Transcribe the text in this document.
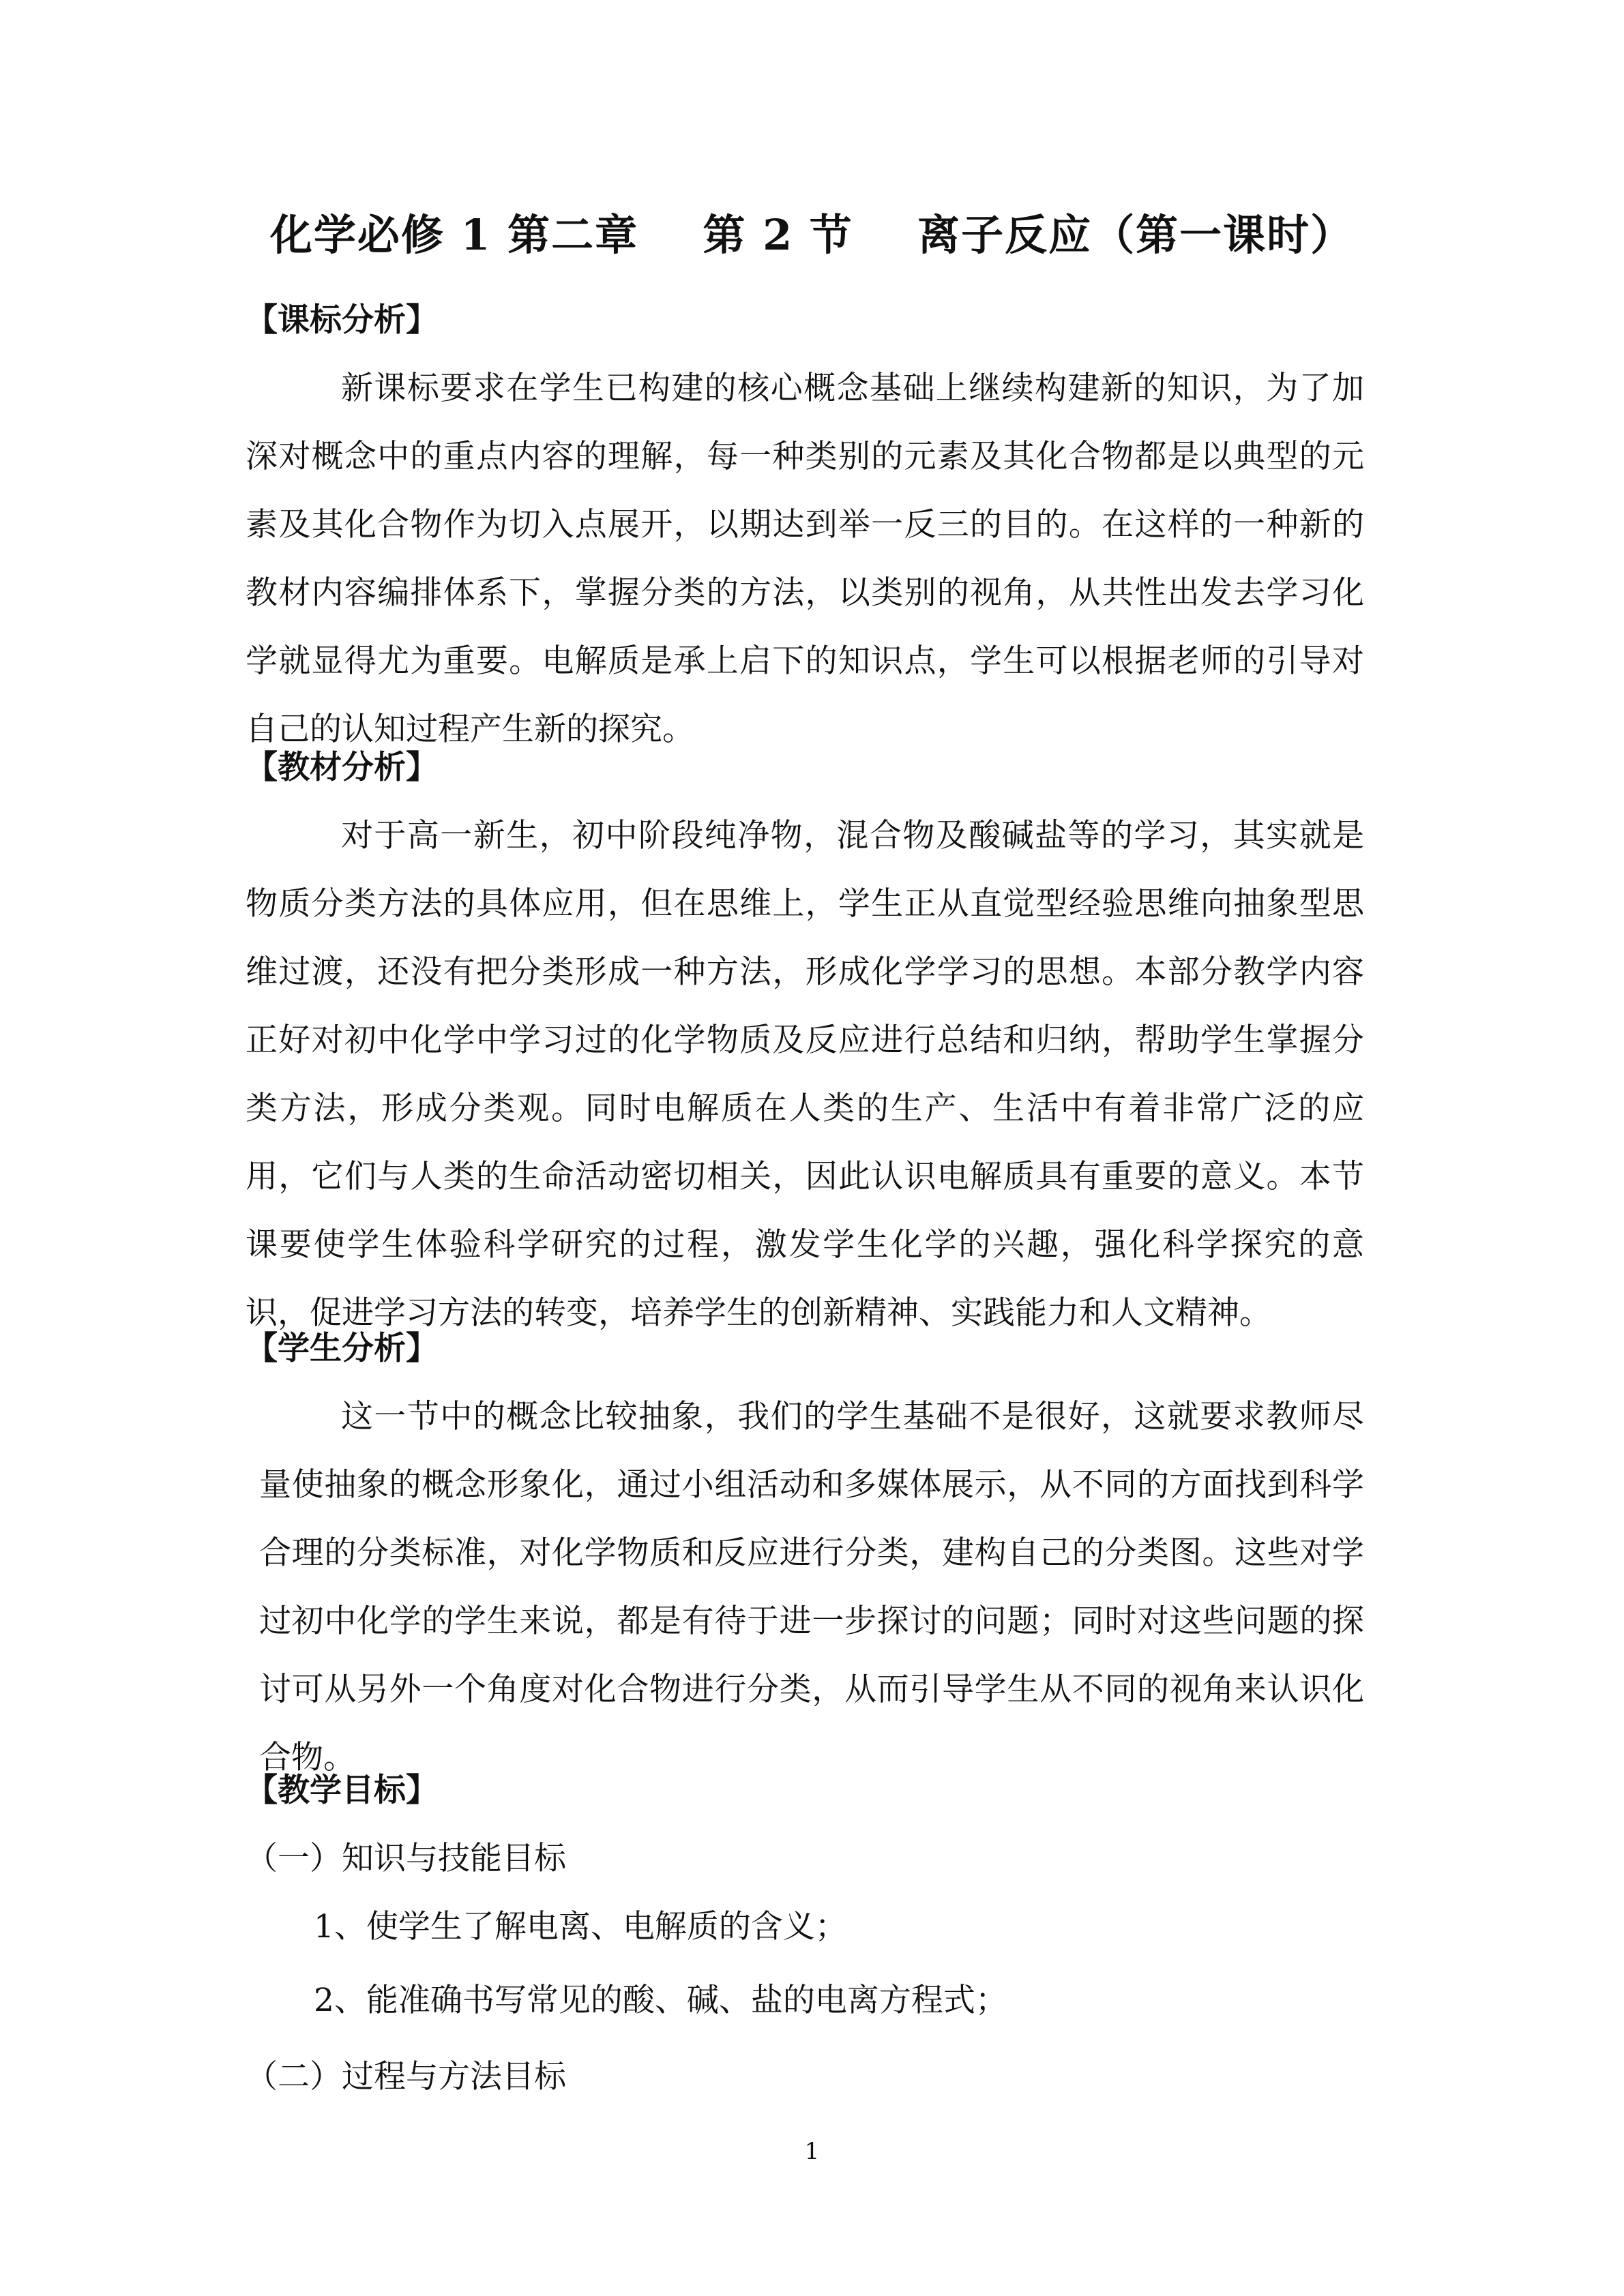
化学必修 1 第二章    第 2 节    离子反应（第一课时）

【课标分析】

新课标要求在学生已构建的核心概念基础上继续构建新的知识，为了加深对概念中的重点内容的理解，每一种类别的元素及其化合物都是以典型的元素及其化合物作为切入点展开，以期达到举一反三的目的。在这样的一种新的教材内容编排体系下，掌握分类的方法，以类别的视角，从共性出发去学习化学就显得尤为重要。电解质是承上启下的知识点，学生可以根据老师的引导对自己的认知过程产生新的探究。

【教材分析】

对于高一新生，初中阶段纯净物，混合物及酸碱盐等的学习，其实就是物质分类方法的具体应用，但在思维上，学生正从直觉型经验思维向抽象型思维过渡，还没有把分类形成一种方法，形成化学学习的思想。本部分教学内容正好对初中化学中学习过的化学物质及反应进行总结和归纳，帮助学生掌握分类方法，形成分类观。同时电解质在人类的生产、生活中有着非常广泛的应用，它们与人类的生命活动密切相关，因此认识电解质具有重要的意义。本节课要使学生体验科学研究的过程，激发学生化学的兴趣，强化科学探究的意识，促进学习方法的转变，培养学生的创新精神、实践能力和人文精神。

【学生分析】

这一节中的概念比较抽象，我们的学生基础不是很好，这就要求教师尽量使抽象的概念形象化，通过小组活动和多媒体展示，从不同的方面找到科学合理的分类标准，对化学物质和反应进行分类，建构自己的分类图。这些对学过初中化学的学生来说，都是有待于进一步探讨的问题；同时对这些问题的探讨可从另外一个角度对化合物进行分类，从而引导学生从不同的视角来认识化合物。

【教学目标】

（一）知识与技能目标

1、使学生了解电离、电解质的含义；

2、能准确书写常见的酸、碱、盐的电离方程式；

（二）过程与方法目标

1
